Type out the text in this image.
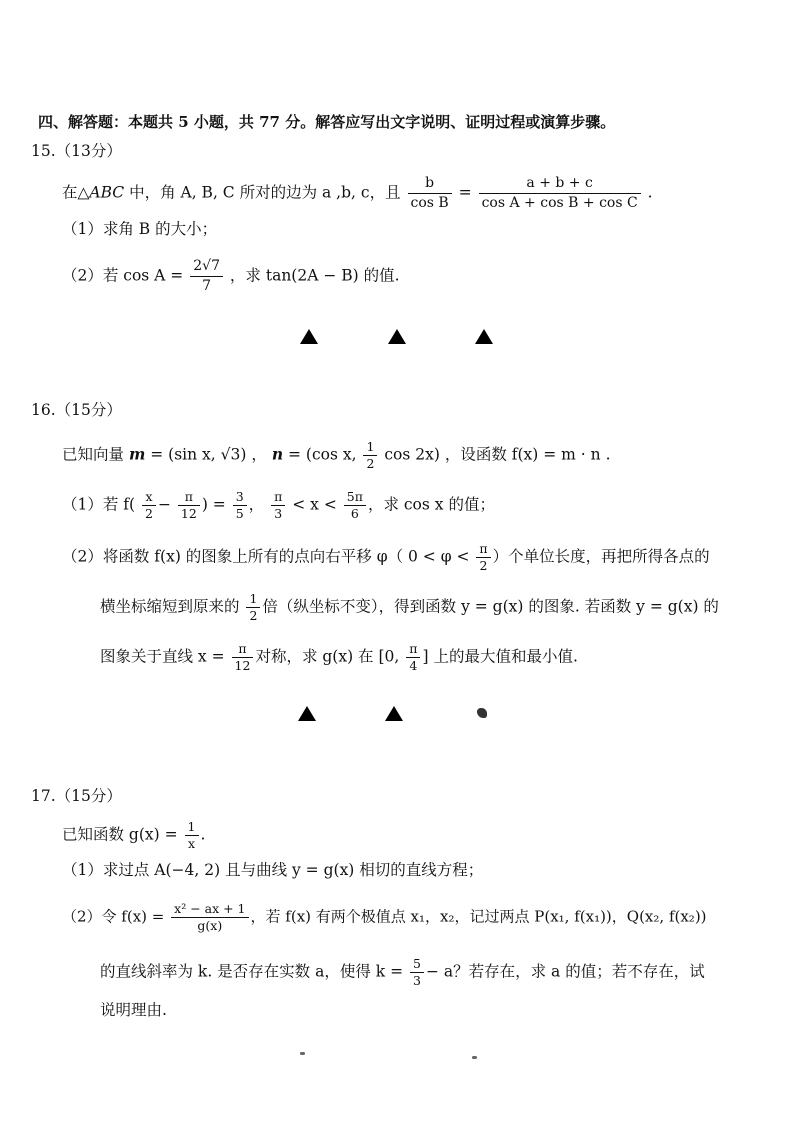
四、解答题：本题共 5 小题，共 77 分。解答应写出文字说明、证明过程或演算步骤。
15.（13分）
在△ABC 中，角 A, B, C 所对的边为 a ,b, c，且 $\frac{b}{\text{cos B}} = \frac{a + b + c}{\text{cos A + cos B + cos C}}$ .
（1）求角 B 的大小；
（2）若 $\cos A = \frac{2√7}{7}$ ，求 tan(2A − B) 的值.
16.（15分）
已知向量 m = (sin x, √3) ， n = (cos x, $\frac{1}{2}$ cos 2x) ，设函数 f(x) = m · n .
（1）若 $f( \frac{x}{2} - \frac{\pi}{12}$ ) = $\frac{3}{5}$ ， $\frac{\pi}{3} < x < \frac{5\pi}{6}$ ，求 cos x 的值；
（2）将函数 f(x) 的图象上所有的点向右平移 φ（ $0 < \varphi < \frac{\pi}{2}$ ）个单位长度，再把所得各点的
横坐标缩短到原来的 $\frac{1}{2}$ 倍（纵坐标不变），得到函数 y = g(x) 的图象. 若函数 y = g(x) 的
图象关于直线 $x = \frac{\pi}{12}$ 对称，求 g(x) 在 [0, $\frac{\pi}{4}$ ] 上的最大值和最小值.
17.（15分）
已知函数 $g(x) = \frac{1}{x}$ .
（1）求过点 A(−4, 2) 且与曲线 y = g(x) 相切的直线方程；
（2）令 $f(x) = \frac{\text{x² − ax + 1}}{g(x)}$ ，若 f(x) 有两个极值点 x₁，x₂，记过两点 P(x₁, f(x₁))，Q(x₂, f(x₂))
的直线斜率为 k. 是否存在实数 a，使得 $k = \frac{5}{3} - a$？若存在，求 a 的值；若不存在，试
说明理由.
